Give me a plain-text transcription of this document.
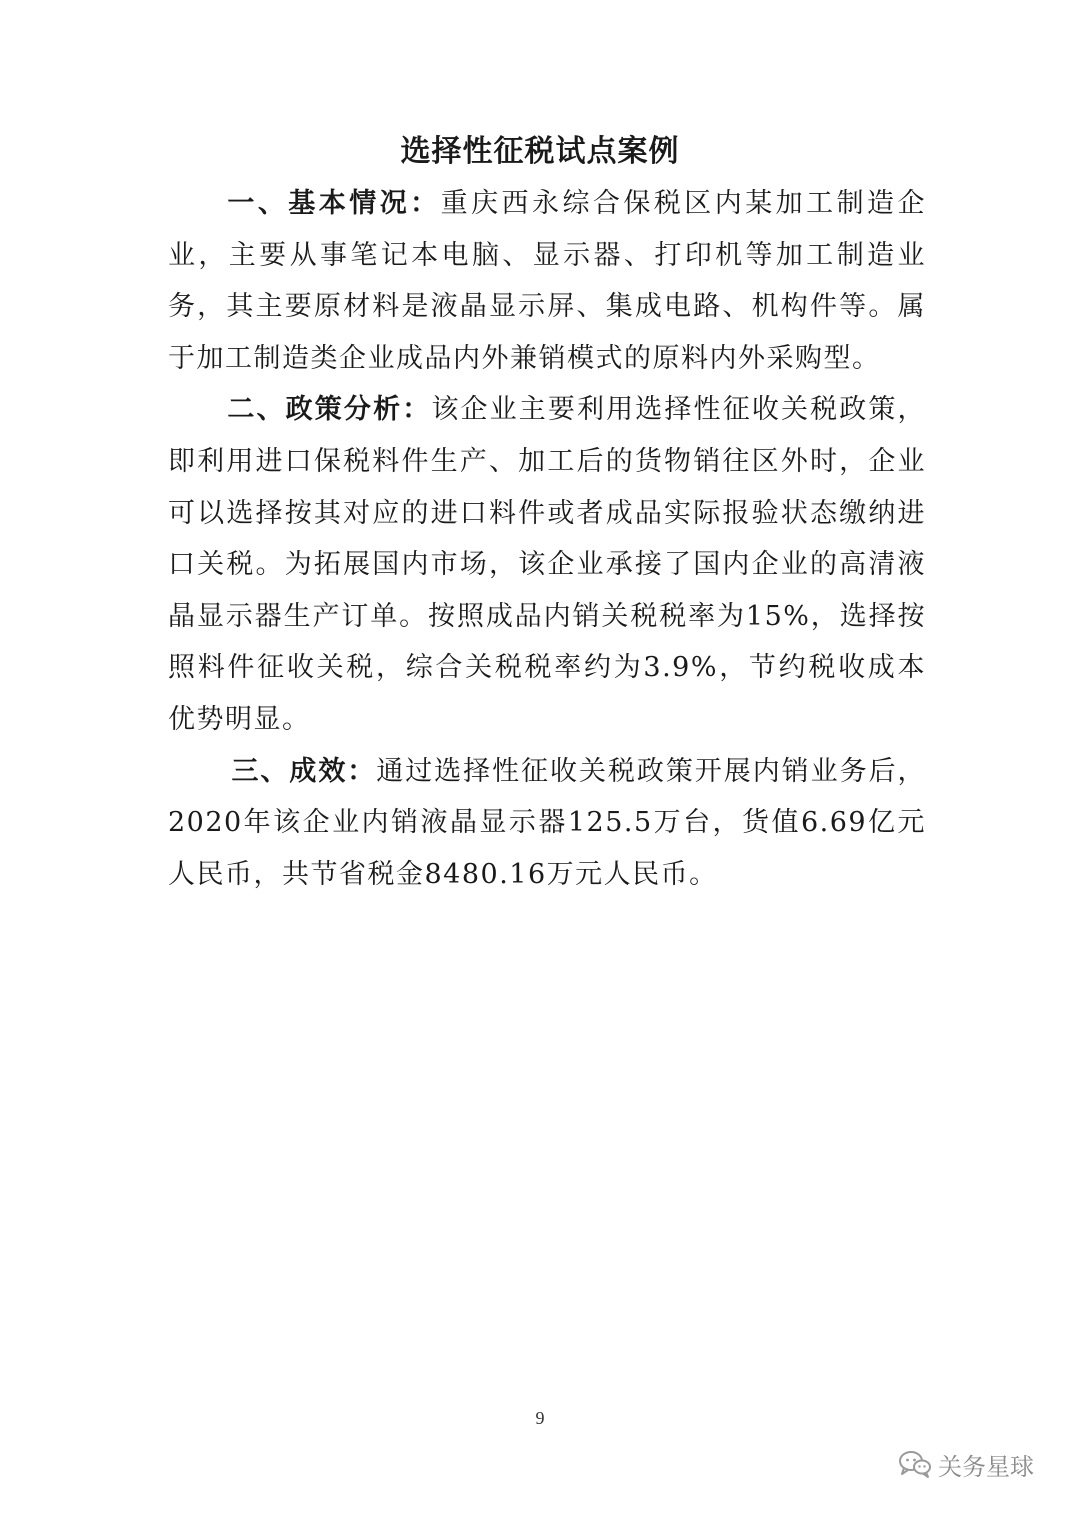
选择性征税试点案例

一、基本情况：重庆西永综合保税区内某加工制造企业，主要从事笔记本电脑、显示器、打印机等加工制造业务，其主要原材料是液晶显示屏、集成电路、机构件等。属于加工制造类企业成品内外兼销模式的原料内外采购型。

二、政策分析：该企业主要利用选择性征收关税政策，即利用进口保税料件生产、加工后的货物销往区外时，企业可以选择按其对应的进口料件或者成品实际报验状态缴纳进口关税。为拓展国内市场，该企业承接了国内企业的高清液晶显示器生产订单。按照成品内销关税税率为15%，选择按照料件征收关税，综合关税税率约为3.9%，节约税收成本优势明显。

三、成效：通过选择性征收关税政策开展内销业务后，2020年该企业内销液晶显示器125.5万台，货值6.69亿元人民币，共节省税金8480.16万元人民币。

9
关务星球
